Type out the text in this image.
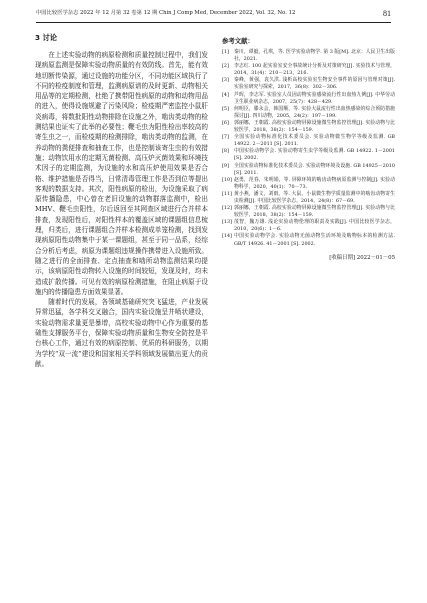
中国比较医学杂志 2022 年 12 月第 32 卷第 12 期 Chin J Comp Med, December 2022, Vol. 32, No. 12	81
3 讨论

在上述实验动物的病原检测和质量控制过程中，我们发现病原监测是保障实验动物质量的有效防线。首先，能有效地切断传染源，通过设施的功能分区，不同功能区域执行了不同的检疫制度和管理，监测病原谱的及时更新、动物相关用品等的定期检测，杜绝了携带阳性病原的动物和动物用品的进入，使得设施规避了污染风险；检疫期严密监控小鼠肝炎病毒，将数批阳性动物排除在设施之外，啮齿类动物的检测结果也证实了此举的必要性；鞭毛虫为阳性检出率较高的寄生虫之一，而检疫期的检测排除，啮齿类动物的监测，在养动物的粪便排查和抽查工作，也是控制该寄生虫的有效措施；动物饮用水的定期无菌检测、高压炉灭菌效果和环境技术因子的定期监测，为设施的水和高压炉使用效果是否合格、维护措施是否得当，日常清毒管理工作是否到位等提出客观的数据支持。其次，阳性病原的检出，为设施采取了病原传播隐患，中心曾在老旧设施的动物群落监测中，检出 MHV、鞭毛虫阳性，尔后返回至其网查区域进行合并样本排查，发现阳性后，对阳性样本的覆盖区域的课题组信息梳理，归类后，进行课题组合并样本检测成单笼检测，找到发现病原阳性动物集中于某一课题组，甚至于同一品系，经综合分析后考虑，病原为课题组违规操作携带进入设施所致。随之进行的全面排查、定点抽查和啮所动物监测结果均提示，该病原阳性动物转入设施的时间较短，发现及时，均未造成扩散传播。可见有效的病原检测措施，在阻止病原于设施内的传播隐患方面效果显著。

随着时代的发展，各领域基础研究突飞猛进，产业发展异常迅猛，各学科交叉融合，国内实验设施呈井喷状建设，实验动物需求量更是暴增，高校实验动物中心作为重要的基础性支撑服务平台，保障实验动物质量和生物安全防控是平台核心工作，通过有效的病原控制、优质的科研服务，以期为学校“双一流”建设和国家相关学科领域发展做出更大的贡献。

参考文献：
[1]	秦川，谭毅，孔琪，等. 医学实验动物学. 第 3 版[M]. 北京：人民卫生出版社，2021.
[2]	李志红. 100 起实验室安全事故统计分析及对策研究[J]. 实验技术与管理，2014，31(4)：210－213，216.
[3]	秦峰，黄强，袁久洪. 浅析高校实验室生物安全事件的原因与管理对策[J]. 实验室研究与探索，2017，36(8)：302－306.
[4]	芦晖，李志军. 实验室人员因动物实验感染流行性出血热九例[J]. 中华劳动卫生职业病杂志，2007，25(7)：428－429.
[5]	何明臣，滕永会，韩国顺，等. 实验大鼠流行性出血热感染的综合预防措施探讨[J]. 四川动物，2005，24(2)：197－199.
[6]	郭丽娜，王朝霞. 高校实验动物屏障设施微生物监控管理[J]. 实验动物与比较医学，2018，38(2)：154－159.
[7]	全国实验动物标准化技术委员会. 实验动物微生物学等级及监测. GB 14922. 2－2011 [S]. 2011.
[8]	中国实验动物学会. 实验动物寄生虫学等级及监测. GB 14922. 1－2001 [S]. 2002.
[9]	全国实验动物标准化技术委员会. 实验动物环境及设施. GB 14925－2010 [S]. 2011.
[10] 赵勇，范春，朱明娟，等. 屏障环境的啮齿动物病原监测与控制[J]. 实验动物科学，2020，40(1)：70－73.
[11] 黄小燕，潘文，刘雨，等. 大鼠、小鼠微生物学质量监测中的啮齿动物寄生虫检测[J]. 中国比较医学杂志，2014，24(8)：67－69.
[12] 郭丽娜，王朝霞. 高校实验动物屏障设施微生物监控管理[J]. 实验动物与比较医学，2018，38(2)：154－159.
[13] 茂智，魏万雄. 浅论实验动物伦理的职责及实践[J]. 中国比较医学杂志，2010，20(6)：1－6.
[14] 中国实验动物学会. 实验动物无菌动物生活环境及啮物标本的检测方法. GB/T 14926. 41－2001 [S]. 2002.
[收稿日期] 2022－01－05
